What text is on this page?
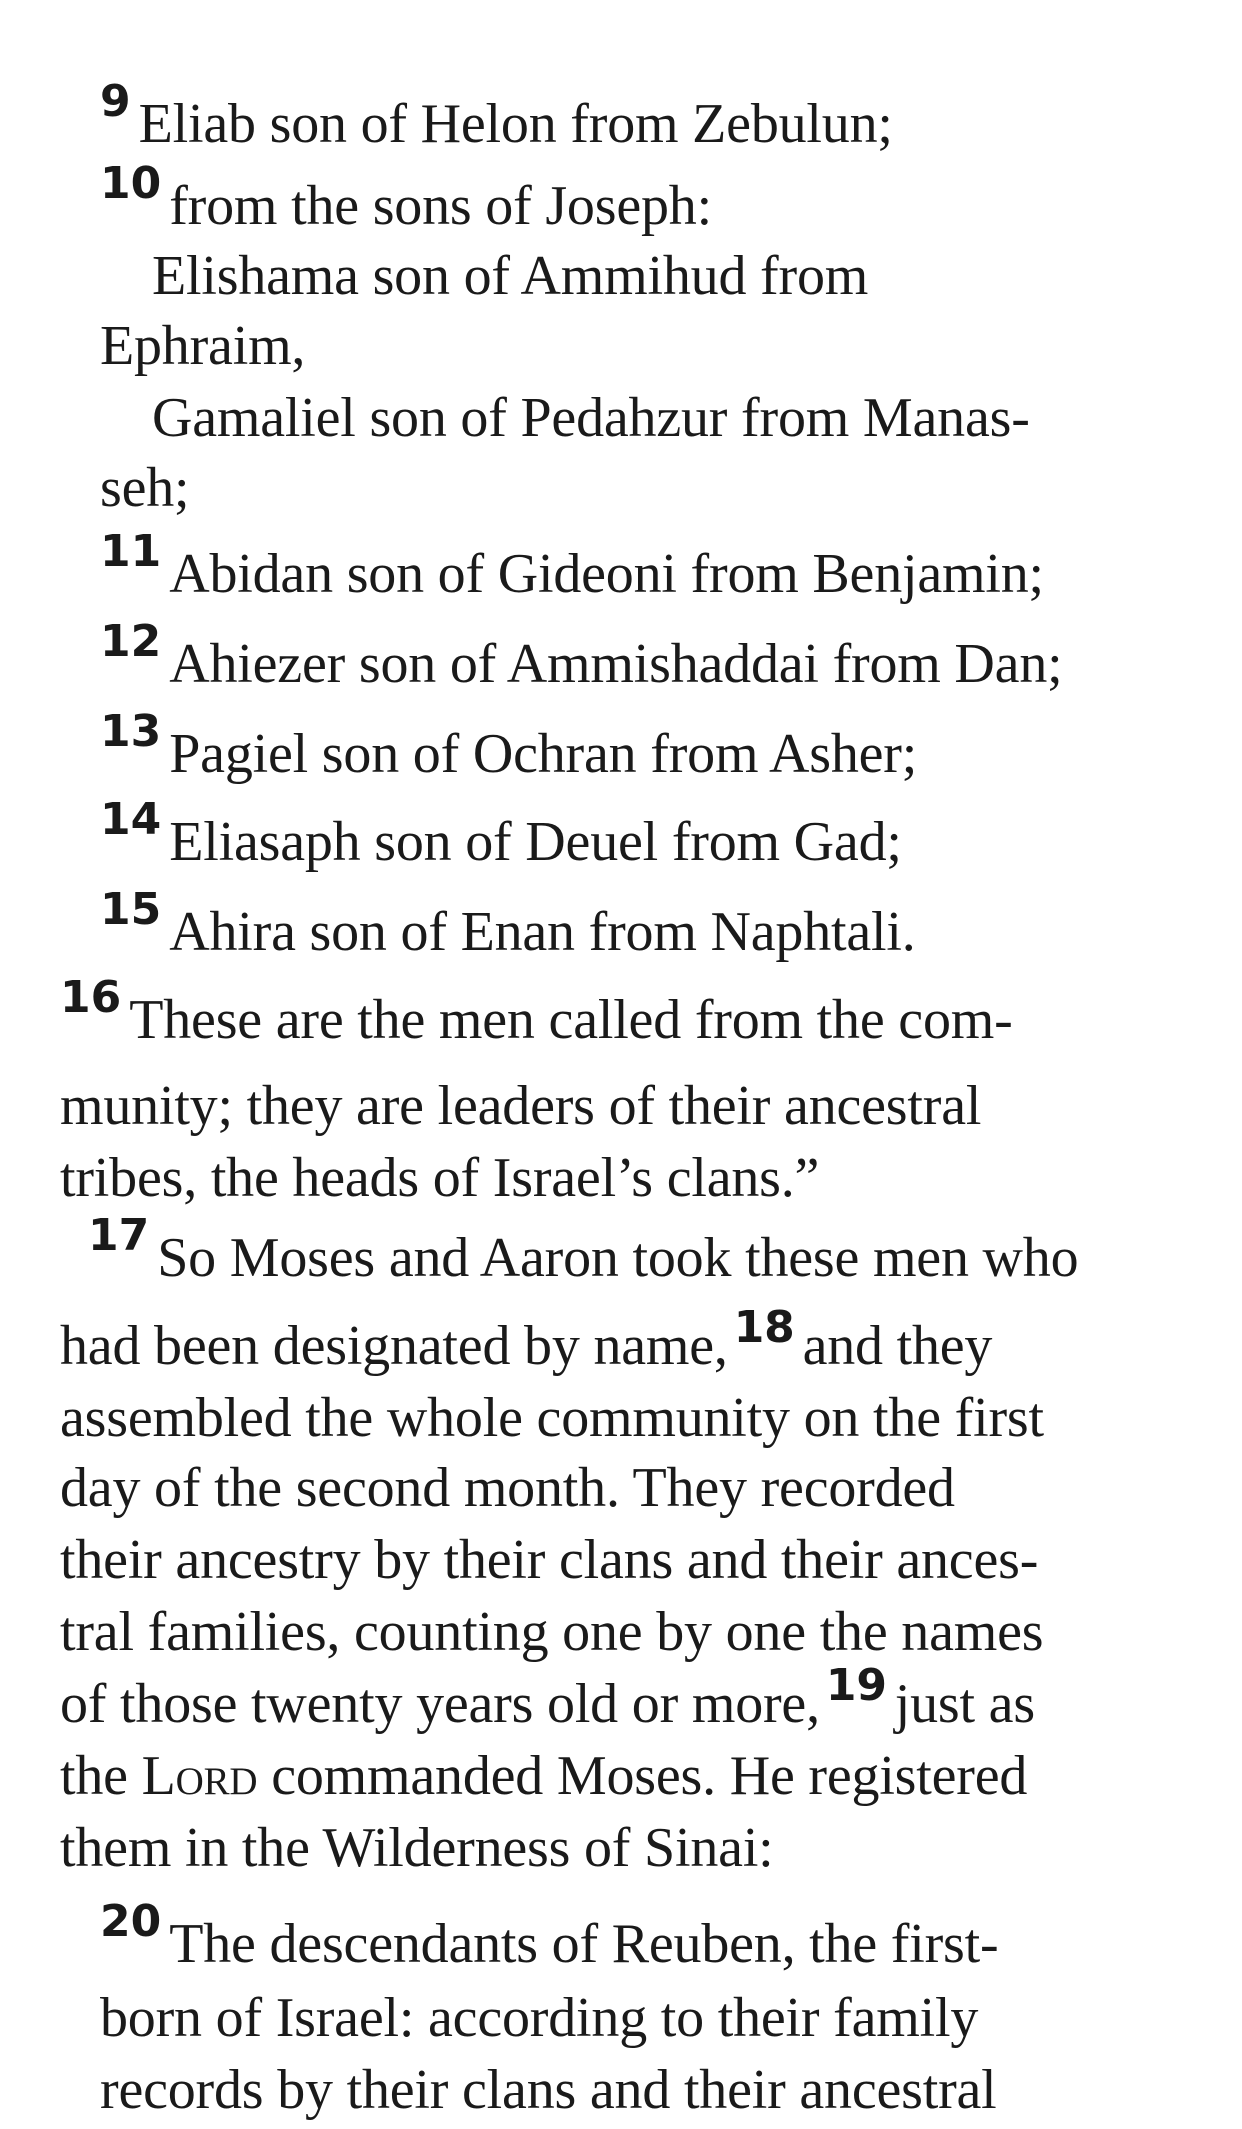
$^9$ Eliab son of Helon from Zebulun;
$^{10}$ from the sons of Joseph:
Elishama son of Ammihud from
Ephraim,
Gamaliel son of Pedahzur from Manas-
seh;
$^{11}$ Abidan son of Gideoni from Benjamin;
$^{12}$ Ahiezer son of Ammishaddai from Dan;
$^{13}$ Pagiel son of Ochran from Asher;
$^{14}$ Eliasaph son of Deuel from Gad;
$^{15}$ Ahira son of Enan from Naphtali.
$^{16}$ These are the men called from the com-
munity; they are leaders of their ancestral
tribes, the heads of Israel’s clans.”
$^{17}$ So Moses and Aaron took these men who
had been designated by name, $^{18}$ and they
assembled the whole community on the first
day of the second month. They recorded
their ancestry by their clans and their ances-
tral families, counting one by one the names
of those twenty years old or more, $^{19}$ just as
the Lord commanded Moses. He registered
them in the Wilderness of Sinai:
$^{20}$ The descendants of Reuben, the first-
born of Israel: according to their family
records by their clans and their ancestral
